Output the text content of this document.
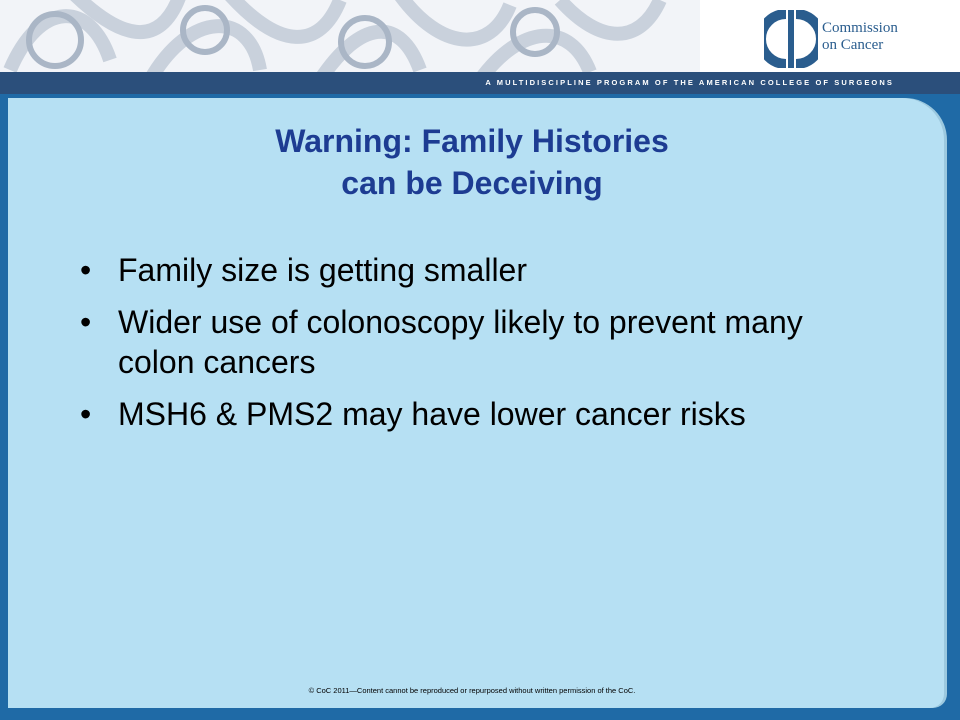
Commission
on Cancer
A MULTIDISCIPLINE PROGRAM OF THE AMERICAN COLLEGE OF SURGEONS
Warning: Family Histories
can be Deceiving
• Family size is getting smaller
• Wider use of colonoscopy likely to prevent many colon cancers
• MSH6 & PMS2 may have lower cancer risks
© CoC 2011—Content cannot be reproduced or repurposed without written permission of the CoC.
